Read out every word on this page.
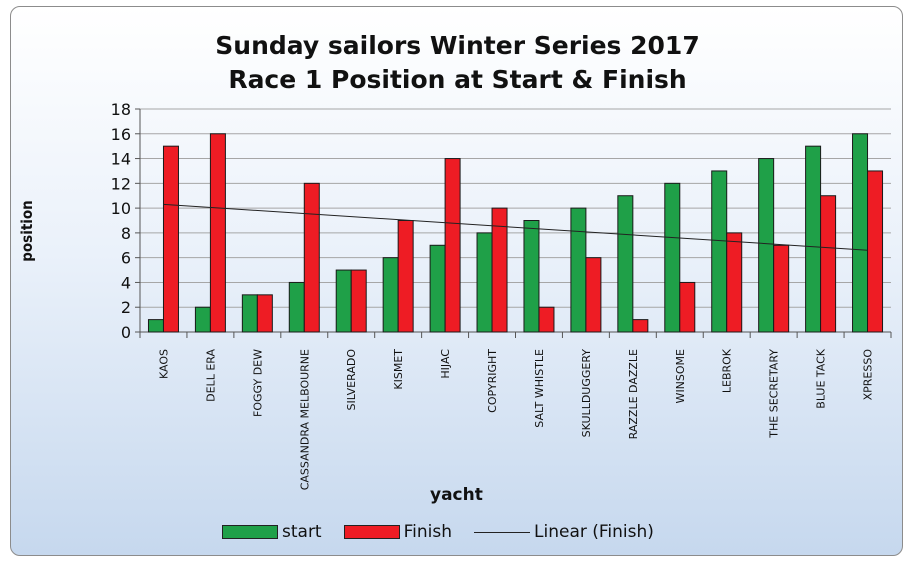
0
2
4
6
8
10
12
14
16
18
KAOS	DELL ERA	FOGGY DEW	CASSANDRA MELBOURNE	SILVERADO	KISMET	HIJAC	COPYRIGHT	SALT WHISTLE	SKULLDUGGERY	RAZZLE DAZZLE	WINSOME	LEBROK	THE SECRETARY	BLUE TACK	XPRESSO
Sunday sailors Winter Series 2017
Race 1 Position at Start & Finish
position
yacht
start	Finish	Linear (Finish)
